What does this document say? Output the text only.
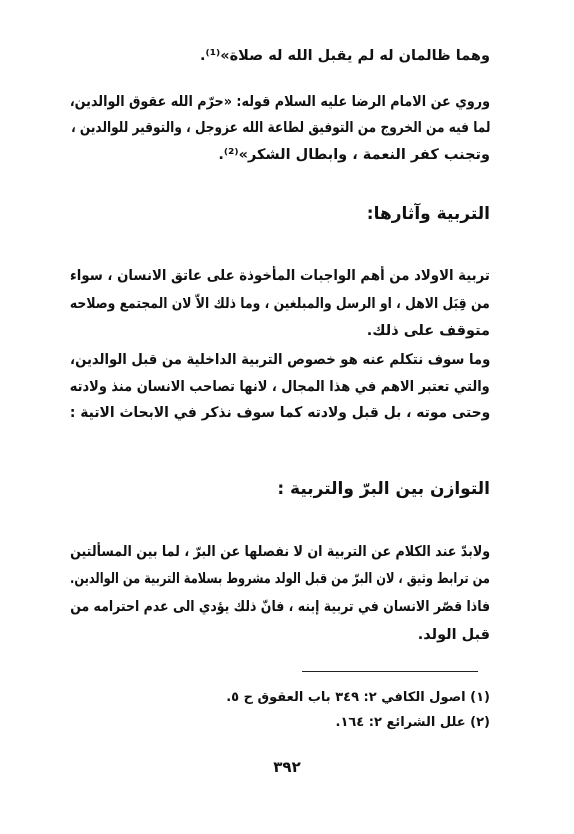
وهما ظالمان له لم يقبل الله له صلاة»⁽¹⁾.
وروي عن الامام الرضا عليه السلام قوله: «حرّم الله عقوق الوالدين،
لما فيه من الخروج من التوفيق لطاعة الله عزوجل ، والتوقير للوالدين ،
وتجنب كفر النعمة ، وابطال الشكر»⁽²⁾.
التربية وآثارها:
تربية الاولاد من أهم الواجبات المأخوذة على عاتق الانسان ، سواء
من قِبَل الاهل ، او الرسل والمبلغين ، وما ذلك الاّ لان المجتمع وصلاحه
متوقف على ذلك.
وما سوف نتكلم عنه هو خصوص التربية الداخلية من قبل الوالدين،
والتي تعتبر الاهم في هذا المجال ، لانها تصاحب الانسان منذ ولادته
وحتى موته ، بل قبل ولادته كما سوف نذكر في الابحاث الاتية :
التوازن بين البرّ والتربية :
ولابدّ عند الكلام عن التربية ان لا نفصلها عن البرّ ، لما بين المسألتين
من ترابط وثيق ، لان البرّ من قبل الولد مشروط بسلامة التربية من الوالدين.
فاذا قصّر الانسان في تربية إبنه ، فانّ ذلك يؤدي الى عدم احترامه من
قبل الولد.
(١) اصول الكافي ٢: ٣٤٩ باب العقوق ح ٥.
(٢) علل الشرائع ٢: ١٦٤.
٣٩٢
